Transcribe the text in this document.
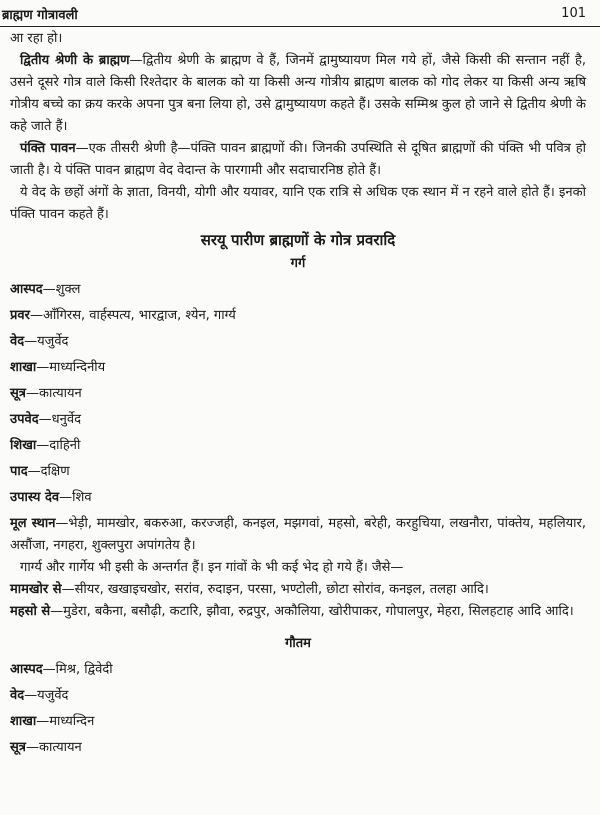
ब्राह्मण गोत्रावली	101

आ रहा हो।

द्वितीय श्रेणी के ब्राह्मण—द्वितीय श्रेणी के ब्राह्मण वे हैं, जिनमें द्वामुष्यायण मिल गये हों, जैसे किसी की सन्तान नहीं है, उसने दूसरे गोत्र वाले किसी रिश्तेदार के बालक को या किसी अन्य गोत्रीय ब्राह्मण बालक को गोद लेकर या किसी अन्य ऋषि गोत्रीय बच्चे का क्रय करके अपना पुत्र बना लिया हो, उसे द्वामुष्यायण कहते हैं। उसके सम्मिश्र कुल हो जाने से द्वितीय श्रेणी के कहे जाते हैं।

पंक्ति पावन—एक तीसरी श्रेणी है—पंक्ति पावन ब्राह्मणों की। जिनकी उपस्थिति से दूषित ब्राह्मणों की पंक्ति भी पवित्र हो जाती है। ये पंक्ति पावन ब्राह्मण वेद वेदान्त के पारगामी और सदाचारनिष्ठ होते हैं।

ये वेद के छहों अंगों के ज्ञाता, विनयी, योगी और ययावर, यानि एक रात्रि से अधिक एक स्थान में न रहने वाले होते हैं। इनको पंक्ति पावन कहते हैं।

सरयू पारीण ब्राह्मणों के गोत्र प्रवरादि
गर्ग
आस्पद—शुक्ल
प्रवर—आँगिरस, वार्हस्पत्य, भारद्वाज, श्येन, गार्ग्य
वेद—यजुर्वेद
शाखा—माध्यन्दिनीय
सूत्र—कात्यायन
उपवेद—धनुर्वेद
शिखा—दाहिनी
पाद—दक्षिण
उपास्य देव—शिव

मूल स्थान—भेड़ी, मामखोर, बकरुआ, करज्जही, कनइल, मझगवां, महसो, बरेही, करहुचिया, लखनौरा, पांक्तेय, महलियार, असौंजा, नगहरा, शुक्लपुरा अपांगतेय है।

गार्ग्य और गार्गेय भी इसी के अन्तर्गत हैं। इन गांवों के भी कई भेद हो गये हैं। जैसे—

मामखोर से—सीयर, खखाइचखोर, सरांव, रुदाइन, परसा, भण्टोली, छोटा सोरांव, कनइल, तलहा आदि।

महसो से—मुडेरा, बकैना, बसौढ़ी, कटारि, झौवा, रुद्रपुर, अकौलिया, खोरीपाकर, गोपालपुर, मेहरा, सिलहटाह आदि आदि।

गौतम
आस्पद—मिश्र, द्विवेदी
वेद—यजुर्वेद
शाखा—माध्यन्दिन
सूत्र—कात्यायन
